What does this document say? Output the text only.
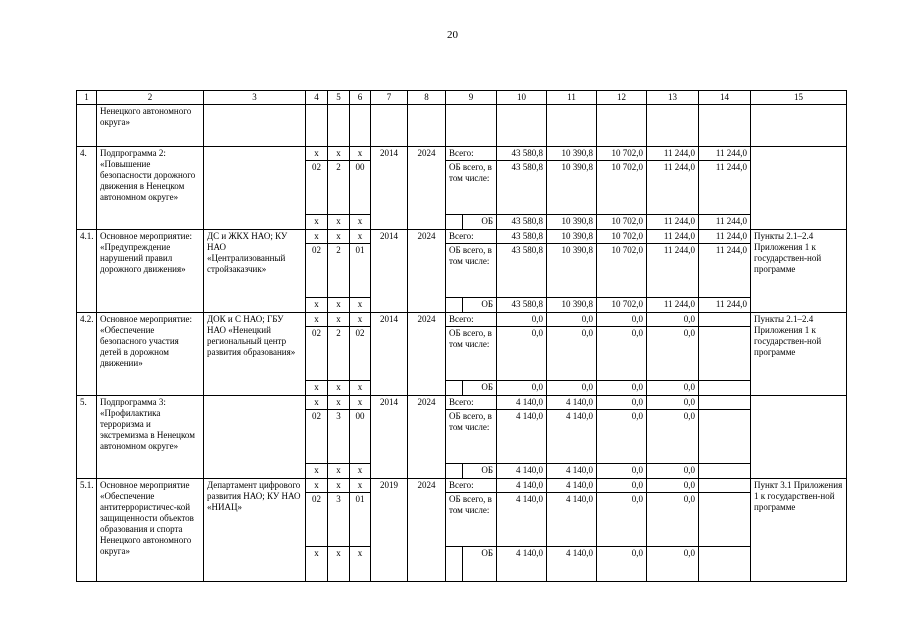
20
1	2	3	4	5	6	7	8	9		10	11	12	13	14	15
	Ненецкого автономного округа»														
4.	Подпрограмма 2: «Повышение безопасности дорожного движения в Ненецком автономном округе»		х	х	х	2014	2024	Всего:		43 580,8	10 390,8	10 702,0	11 244,0	11 244,0	
			02	2	00			ОБ всего, в том числе:		43 580,8	10 390,8	10 702,0	11 244,0	11 244,0	
			х	х	х				ОБ	43 580,8	10 390,8	10 702,0	11 244,0	11 244,0	
4.1.	Основное мероприятие: «Предупреждение нарушений правил дорожного движения»	ДС и ЖКХ НАО; КУ НАО «Централизованный стройзаказчик»	х	х	х	2014	2024	Всего:		43 580,8	10 390,8	10 702,0	11 244,0	11 244,0	Пункты 2.1–2.4 Приложения 1 к государствен-ной программе
			02	2	01			ОБ всего, в том числе:		43 580,8	10 390,8	10 702,0	11 244,0	11 244,0	
			х	х	х				ОБ	43 580,8	10 390,8	10 702,0	11 244,0	11 244,0	
4.2.	Основное мероприятие: «Обеспечение безопасного участия детей в дорожном движении»	ДОК и С НАО; ГБУ НАО «Ненецкий региональный центр развития образования»	х	х	х	2014	2024	Всего:		0,0	0,0	0,0	0,0		Пункты 2.1–2.4 Приложения 1 к государствен-ной программе
			02	2	02			ОБ всего, в том числе:		0,0	0,0	0,0	0,0		
			х	х	х				ОБ	0,0	0,0	0,0	0,0		
5.	Подпрограмма 3: «Профилактика терроризма и экстремизма в Ненецком автономном округе»		х	х	х	2014	2024	Всего:		4 140,0	4 140,0	0,0	0,0		
			02	3	00			ОБ всего, в том числе:		4 140,0	4 140,0	0,0	0,0		
			х	х	х				ОБ	4 140,0	4 140,0	0,0	0,0		
5.1.	Основное мероприятие «Обеспечение антитеррористичес-кой защищенности объектов образования и спорта Ненецкого автономного округа»	Департамент цифрового развития НАО; КУ НАО «НИАЦ»	х	х	х	2019	2024	Всего:		4 140,0	4 140,0	0,0	0,0		Пункт 3.1 Приложения 1 к государствен-ной программе
			02	3	01			ОБ всего, в том числе:		4 140,0	4 140,0	0,0	0,0		
			х	х	х				ОБ	4 140,0	4 140,0	0,0	0,0		
